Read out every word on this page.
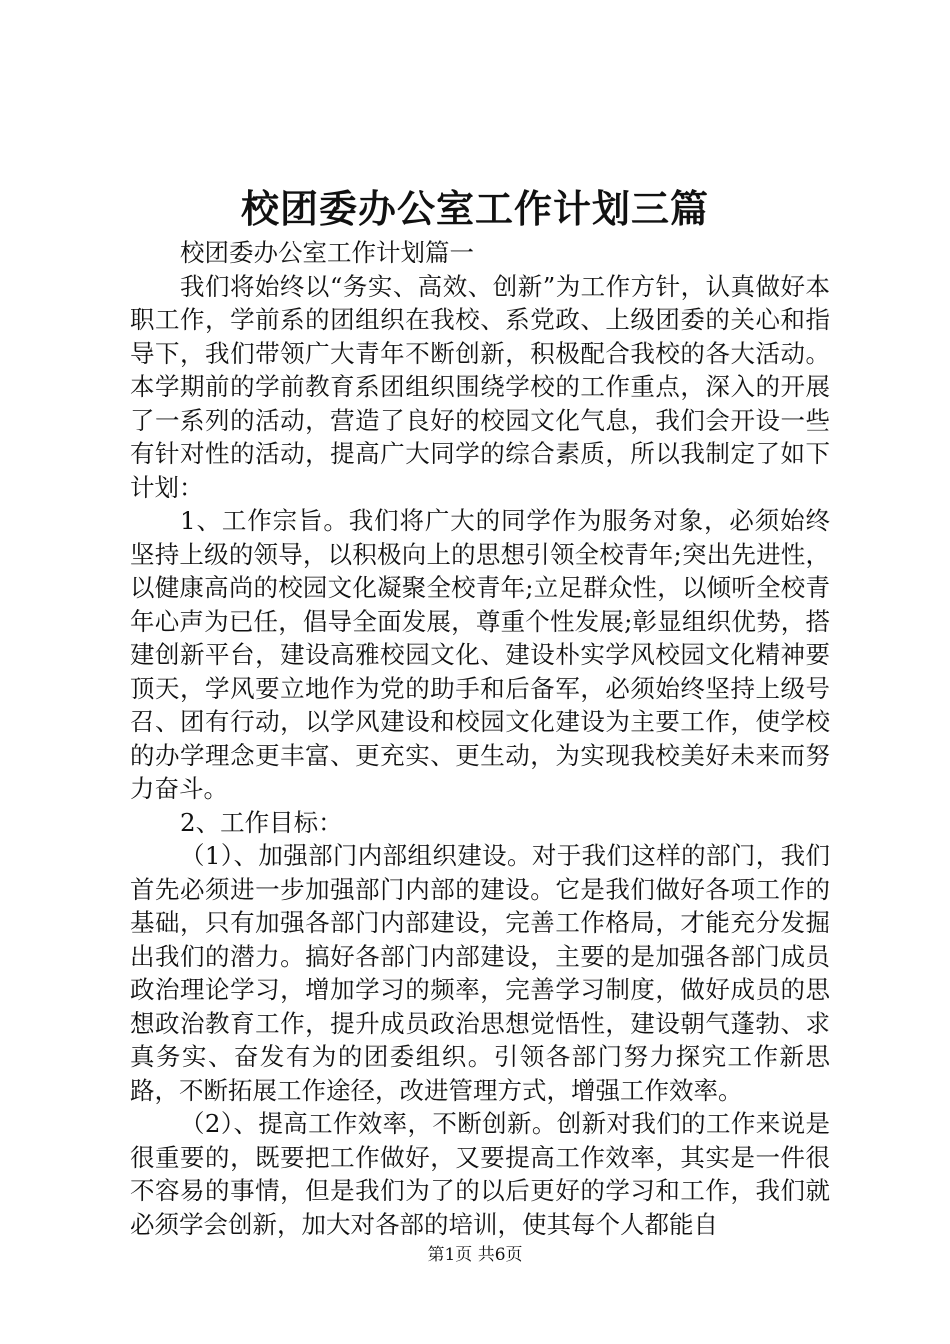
校团委办公室工作计划三篇

校团委办公室工作计划篇一

我们将始终以“务实、高效、创新”为工作方针，认真做好本职工作，学前系的团组织在我校、系党政、上级团委的关心和指导下，我们带领广大青年不断创新，积极配合我校的各大活动。本学期前的学前教育系团组织围绕学校的工作重点，深入的开展了一系列的活动，营造了良好的校园文化气息，我们会开设一些有针对性的活动，提高广大同学的综合素质，所以我制定了如下计划：

1、工作宗旨。我们将广大的同学作为服务对象，必须始终坚持上级的领导，以积极向上的思想引领全校青年;突出先进性，以健康高尚的校园文化凝聚全校青年;立足群众性，以倾听全校青年心声为已任，倡导全面发展，尊重个性发展;彰显组织优势，搭建创新平台，建设高雅校园文化、建设朴实学风校园文化精神要顶天，学风要立地作为党的助手和后备军，必须始终坚持上级号召、团有行动，以学风建设和校园文化建设为主要工作，使学校的办学理念更丰富、更充实、更生动，为实现我校美好未来而努力奋斗。

2、工作目标：

（1）、加强部门内部组织建设。对于我们这样的部门，我们首先必须进一步加强部门内部的建设。它是我们做好各项工作的基础，只有加强各部门内部建设，完善工作格局，才能充分发掘出我们的潜力。搞好各部门内部建设，主要的是加强各部门成员政治理论学习，增加学习的频率，完善学习制度，做好成员的思想政治教育工作，提升成员政治思想觉悟性，建设朝气蓬勃、求真务实、奋发有为的团委组织。引领各部门努力探究工作新思路，不断拓展工作途径，改进管理方式，增强工作效率。

（2）、提高工作效率，不断创新。创新对我们的工作来说是很重要的，既要把工作做好，又要提高工作效率，其实是一件很不容易的事情，但是我们为了的以后更好的学习和工作，我们就必须学会创新，加大对各部的培训，使其每个人都能自

第1页 共6页
